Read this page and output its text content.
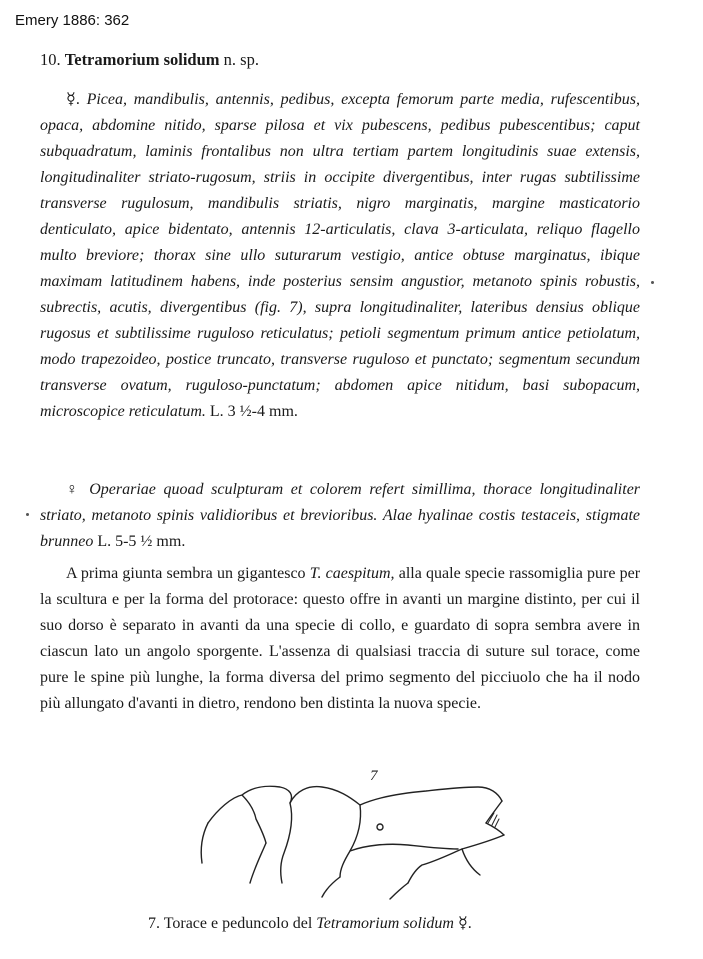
Emery 1886: 362
10. Tetramorium solidum n. sp.

☿. Picea, mandibulis, antennis, pedibus, excepta femorum parte media, rufescentibus, opaca, abdomine nitido, sparse pilosa et vix pubescens, pedibus pubescentibus; caput subquadratum, laminis frontalibus non ultra tertiam partem longitudinis suae extensis, longitudinaliter striato-rugosum, striis in occipite divergentibus, inter rugas subtilissime transverse rugulosum, mandibulis striatis, nigro marginatis, margine masticatorio denticulato, apice bidentato, antennis 12-articulatis, clava 3-articulata, reliquo flagello multo breviore; thorax sine ullo suturarum vestigio, antice obtuse marginatus, ibique maximam latitudinem habens, inde posterius sensim angustior, metanoto spinis robustis, subrectis, acutis, divergentibus (fig. 7), supra longitudinaliter, lateribus densius oblique rugosus et subtilissime ruguloso reticulatus; petioli segmentum primum antice petiolatum, modo trapezoideo, postice truncato, transverse ruguloso et punctato; segmentum secundum transverse ovatum, ruguloso-punctatum; abdomen apice nitidum, basi subopacum, microscopice reticulatum. L. 3 ½-4 mm.

♀ Operariae quoad sculpturam et colorem refert simillima, thorace longitudinaliter striato, metanoto spinis validioribus et brevioribus. Alae hyalinae costis testaceis, stigmate brunneo L. 5-5 ½ mm.

A prima giunta sembra un gigantesco T. caespitum, alla quale specie rassomiglia pure per la scultura e per la forma del protorace: questo offre in avanti un margine distinto, per cui il suo dorso è separato in avanti da una specie di collo, e guardato di sopra sembra avere in ciascun lato un angolo sporgente. L'assenza di qualsiasi traccia di suture sul torace, come pure le spine più lunghe, la forma diversa del primo segmento del picciuolo che ha il nodo più allungato d'avanti in dietro, rendono ben distinta la nuova specie.

7
7. Torace e peduncolo del Tetramorium solidum ☿.
